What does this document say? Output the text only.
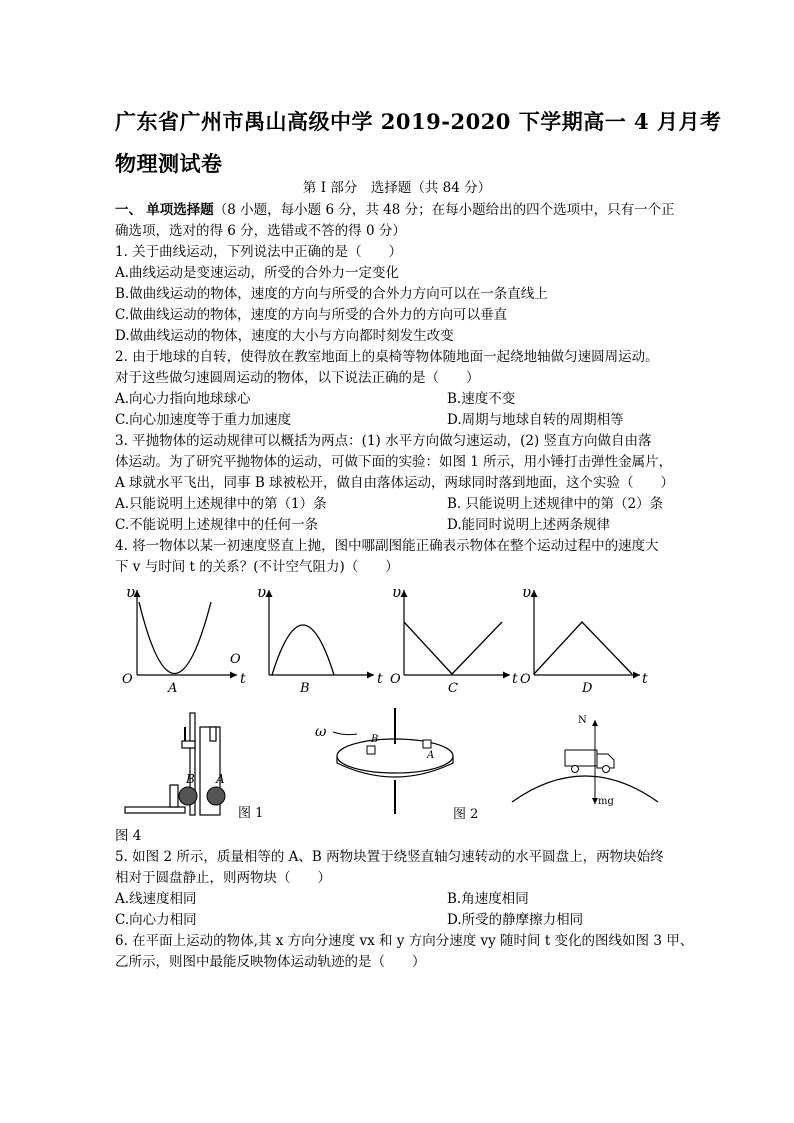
广东省广州市禺山高级中学 2019-2020 下学期高一 4 月月考
物理测试卷
第 I 部分　选择题（共 84 分）
一、 单项选择题（8 小题，每小题 6 分，共 48 分；在每小题给出的四个选项中，只有一个正
确选项，选对的得 6 分，选错或不答的得 0 分）
1. 关于曲线运动，下列说法中正确的是（　　）
A.曲线运动是变速运动，所受的合外力一定变化
B.做曲线运动的物体，速度的方向与所受的合外力方向可以在一条直线上
C.做曲线运动的物体，速度的方向与所受的合外力的方向可以垂直
D.做曲线运动的物体，速度的大小与方向都时刻发生改变
2. 由于地球的自转，使得放在教室地面上的桌椅等物体随地面一起绕地轴做匀速圆周运动。
对于这些做匀速圆周运动的物体，以下说法正确的是（　　）
A.向心力指向地球球心	B.速度不变
C.向心加速度等于重力加速度	D.周期与地球自转的周期相等
3. 平抛物体的运动规律可以概括为两点：(1) 水平方向做匀速运动，(2) 竖直方向做自由落
体运动。为了研究平抛物体的运动，可做下面的实验：如图 1 所示，用小锤打击弹性金属片，
A 球就水平飞出，同事 B 球被松开，做自由落体运动，两球同时落到地面，这个实验（　　）
A.只能说明上述规律中的第（1）条	B. 只能说明上述规律中的第（2）条
C.不能说明上述规律中的任何一条	D.能同时说明上述两条规律
4. 将一物体以某一初速度竖直上抛，图中哪副图能正确表示物体在整个运动过程中的速度大
下 v 与时间 t 的关系？(不计空气阻力)（　　）
υ
O
O
t
A
υ
t
B
υ
O	t
C
υ
O	t
D
B A
图 1
B
A
ω
图 2
N
mg
图 4
5. 如图 2 所示，质量相等的 A、B 两物块置于绕竖直轴匀速转动的水平圆盘上，两物块始终
相对于圆盘静止，则两物块（　　）
A.线速度相同	B.角速度相同
C.向心力相同	D.所受的静摩擦力相同
6. 在平面上运动的物体,其 x 方向分速度 vx 和 y 方向分速度 vy 随时间 t 变化的图线如图 3 甲、
乙所示，则图中最能反映物体运动轨迹的是（　　）
